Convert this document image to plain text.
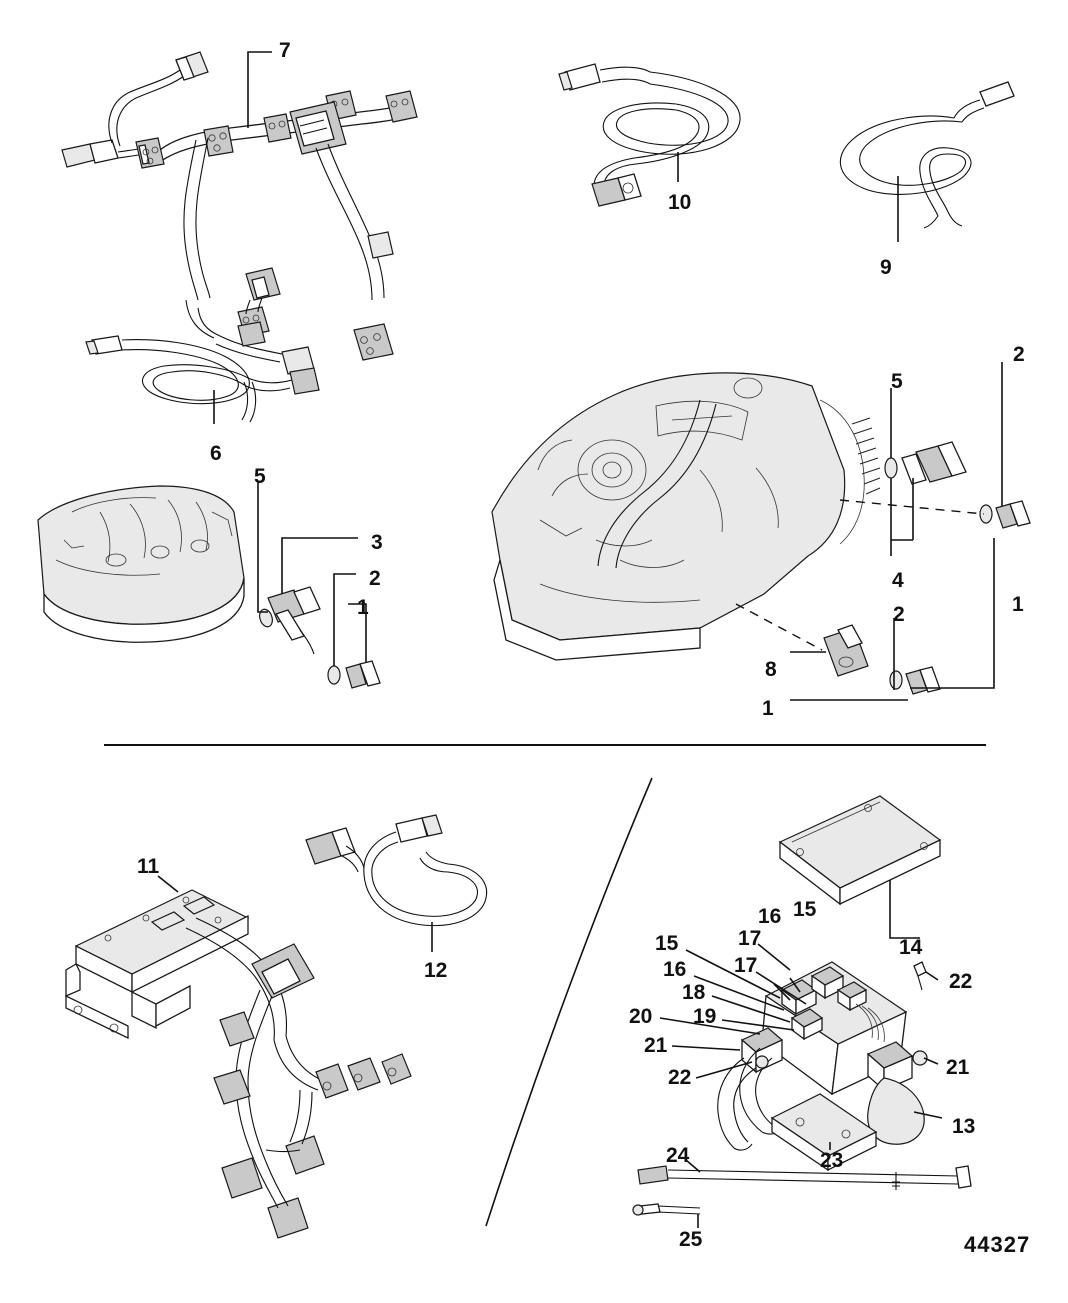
7
10
9
6
5
3
2
1
5
2
4
1
2
8
1
11
12
15
16
17	14
15
16 17
18
19
22
20
21
22	21
13
23
24
25	44327
